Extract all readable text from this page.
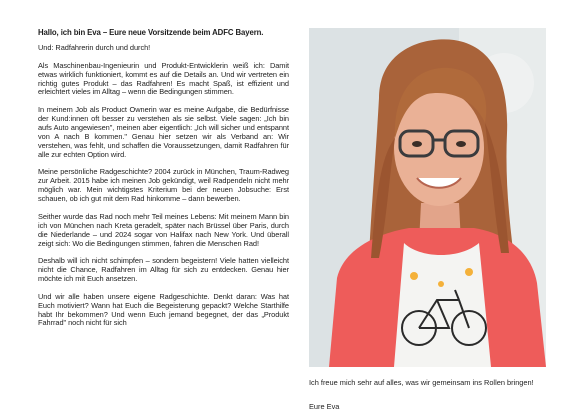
Hallo, ich bin Eva – Eure neue Vorsitzende beim ADFC Bayern.

Und: Radfahrerin durch und durch!

Als Maschinenbau-Ingenieurin und Produkt-Entwicklerin weiß ich: Damit etwas wirklich funktioniert, kommt es auf die Details an. Und wir vertreten ein richtig gutes Produkt – das Radfahren! Es macht Spaß, ist effizient und erleichtert vieles im Alltag – wenn die Bedingungen stimmen.

In meinem Job als Product Ownerin war es meine Aufgabe, die Bedürfnisse der Kund:innen oft besser zu verstehen als sie selbst. Viele sagen: „Ich bin aufs Auto angewiesen", meinen aber eigentlich: „Ich will sicher und entspannt von A nach B kommen." Genau hier setzen wir als Verband an: Wir verstehen, was fehlt, und schaffen die Voraussetzungen, damit Radfahren für alle zur echten Option wird.

Meine persönliche Radgeschichte? 2004 zurück in München, Traum-Radweg zur Arbeit. 2015 habe ich meinen Job gekündigt, weil Radpendeln nicht mehr möglich war. Mein wichtigstes Kriterium bei der neuen Jobsuche: Erst schauen, ob ich gut mit dem Rad hinkomme – dann bewerben.

Seither wurde das Rad noch mehr Teil meines Lebens: Mit meinem Mann bin ich von München nach Kreta geradelt, später nach Brüssel über Paris, durch die Niederlande – und 2024 sogar von Halifax nach New York. Und überall zeigt sich: Wo die Bedingungen stimmen, fahren die Menschen Rad!

Deshalb will ich nicht schimpfen – sondern begeistern! Viele hatten vielleicht nicht die Chance, Radfahren im Alltag für sich zu entdecken. Genau hier möchte ich mit Euch ansetzen.

Und wir alle haben unsere eigene Radgeschichte. Denkt daran: Was hat Euch motiviert? Wann hat Euch die Begeisterung gepackt? Welche Starthilfe habt Ihr bekommen? Und wenn Euch jemand begegnet, der das „Produkt Fahrrad" noch nicht für sich

Ich freue mich sehr auf alles, was wir gemeinsam ins Rollen bringen!

Eure Eva
